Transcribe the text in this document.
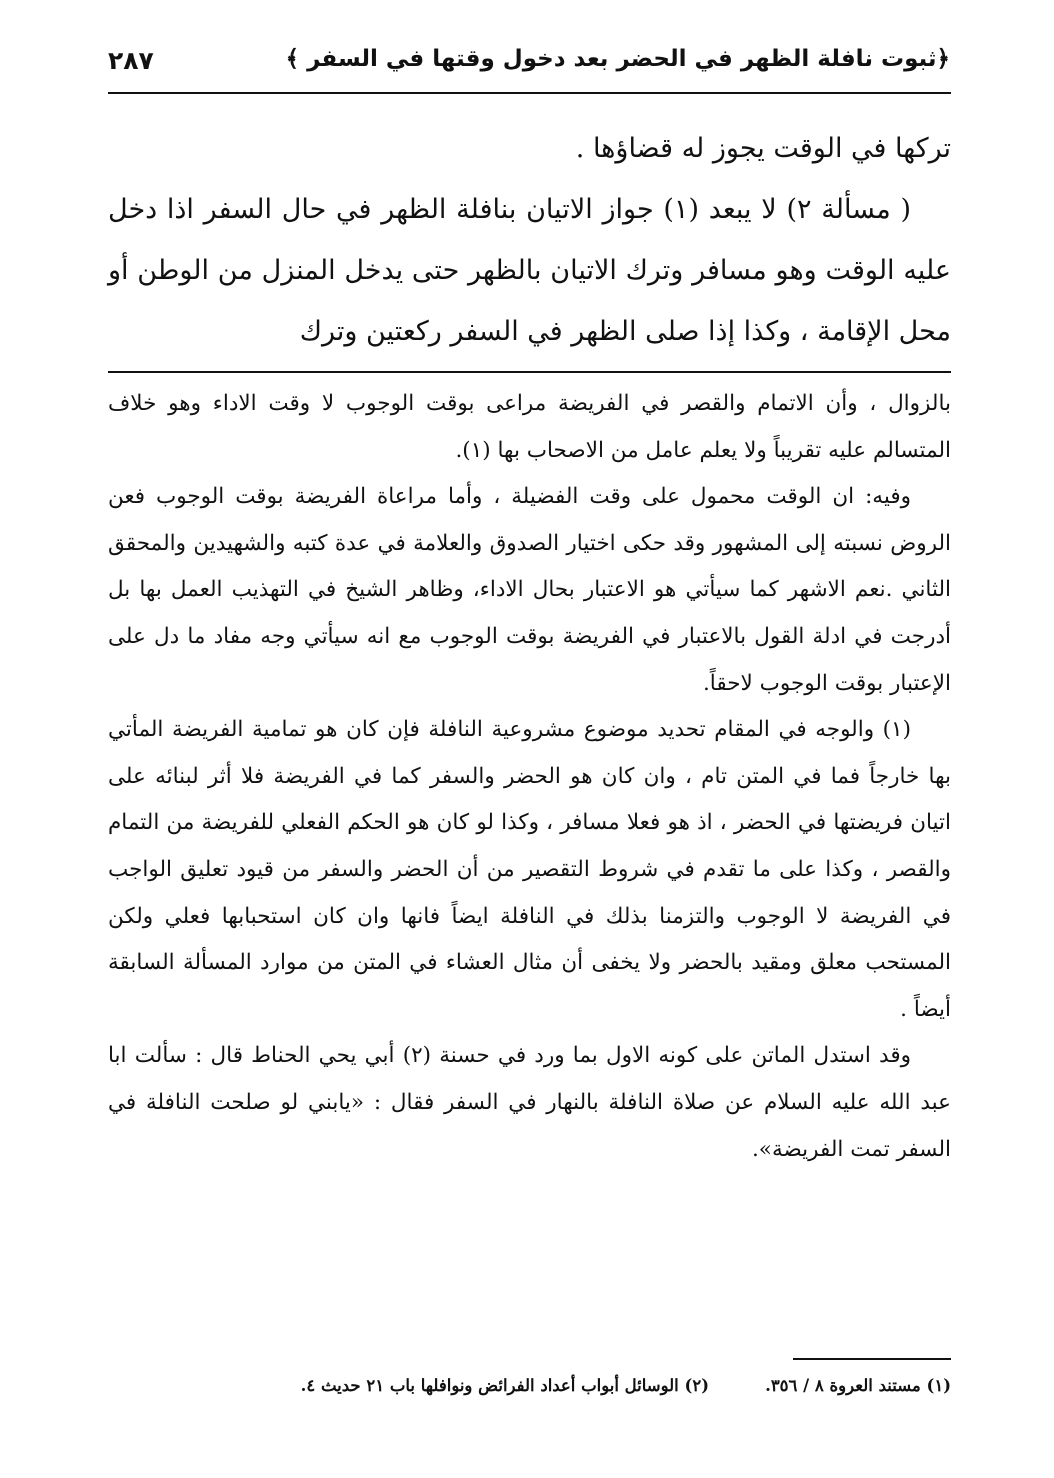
﴿ثبوت نافلة الظهر في الحضر بعد دخول وقتها في السفر ﴾
٢٨٧

تركها في الوقت يجوز له قضاؤها .

( مسألة ٢) لا يبعد (١) جواز الاتيان بنافلة الظهر في حال السفر اذا دخل عليه الوقت وهو مسافر وترك الاتيان بالظهر حتى يدخل المنزل من الوطن أو محل الإقامة ، وكذا إذا صلى الظهر في السفر ركعتين وترك

بالزوال ، وأن الاتمام والقصر في الفريضة مراعى بوقت الوجوب لا وقت الاداء وهو خلاف المتسالم عليه تقريباً ولا يعلم عامل من الاصحاب بها (١).

وفيه: ان الوقت محمول على وقت الفضيلة ، وأما مراعاة الفريضة بوقت الوجوب فعن الروض نسبته إلى المشهور وقد حكى اختيار الصدوق والعلامة في عدة كتبه والشهيدين والمحقق الثاني .نعم الاشهر كما سيأتي هو الاعتبار بحال الاداء، وظاهر الشيخ في التهذيب العمل بها بل أدرجت في ادلة القول بالاعتبار في الفريضة بوقت الوجوب مع انه سيأتي وجه مفاد ما دل على الإعتبار بوقت الوجوب لاحقاً.

(١) والوجه في المقام تحديد موضوع مشروعية النافلة فإن كان هو تمامية الفريضة المأتي بها خارجاً فما في المتن تام ، وان كان هو الحضر والسفر كما في الفريضة فلا أثر لبنائه على اتيان فريضتها في الحضر ، اذ هو فعلا مسافر ، وكذا لو كان هو الحكم الفعلي للفريضة من التمام والقصر ، وكذا على ما تقدم في شروط التقصير من أن الحضر والسفر من قيود تعليق الواجب في الفريضة لا الوجوب والتزمنا بذلك في النافلة ايضاً فانها وان كان استحبابها فعلي ولكن المستحب معلق ومقيد بالحضر ولا يخفى أن مثال العشاء في المتن من موارد المسألة السابقة أيضاً .

وقد استدل الماتن على كونه الاول بما ورد في حسنة (٢) أبي يحي الحناط قال : سألت ابا عبد الله عليه السلام عن صلاة النافلة بالنهار في السفر فقال : «يابني لو صلحت النافلة في السفر تمت الفريضة».

(١) مستند العروة ٨ / ٣٥٦.
(٢) الوسائل أبواب أعداد الفرائض ونوافلها باب ٢١ حديث ٤.
